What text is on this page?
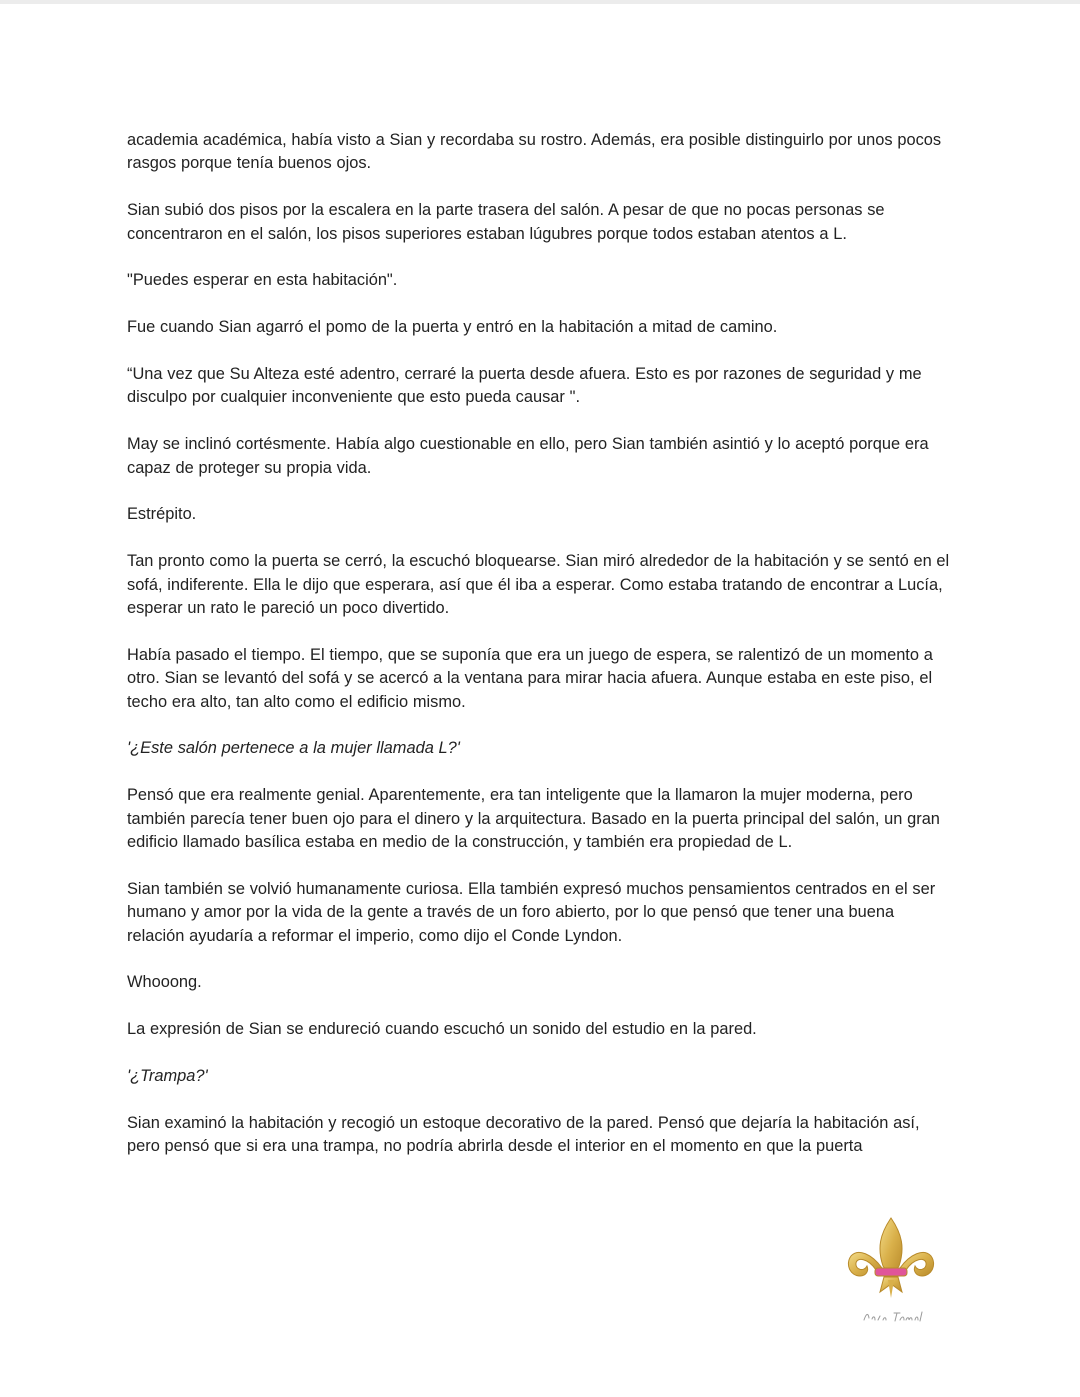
academia académica, había visto a Sian y recordaba su rostro. Además, era posible distinguirlo por unos pocos rasgos porque tenía buenos ojos.

Sian subió dos pisos por la escalera en la parte trasera del salón. A pesar de que no pocas personas se concentraron en el salón, los pisos superiores estaban lúgubres porque todos estaban atentos a L.

"Puedes esperar en esta habitación".

Fue cuando Sian agarró el pomo de la puerta y entró en la habitación a mitad de camino.

“Una vez que Su Alteza esté adentro, cerraré la puerta desde afuera. Esto es por razones de seguridad y me disculpo por cualquier inconveniente que esto pueda causar ".

May se inclinó cortésmente. Había algo cuestionable en ello, pero Sian también asintió y lo aceptó porque era capaz de proteger su propia vida.

Estrépito.

Tan pronto como la puerta se cerró, la escuchó bloquearse. Sian miró alrededor de la habitación y se sentó en el sofá, indiferente. Ella le dijo que esperara, así que él iba a esperar. Como estaba tratando de encontrar a Lucía, esperar un rato le pareció un poco divertido.

Había pasado el tiempo. El tiempo, que se suponía que era un juego de espera, se ralentizó de un momento a otro. Sian se levantó del sofá y se acercó a la ventana para mirar hacia afuera. Aunque estaba en este piso, el techo era alto, tan alto como el edificio mismo.

'¿Este salón pertenece a la mujer llamada L?'

Pensó que era realmente genial. Aparentemente, era tan inteligente que la llamaron la mujer moderna, pero también parecía tener buen ojo para el dinero y la arquitectura. Basado en la puerta principal del salón, un gran edificio llamado basílica estaba en medio de la construcción, y también era propiedad de L.

Sian también se volvió humanamente curiosa. Ella también expresó muchos pensamientos centrados en el ser humano y amor por la vida de la gente a través de un foro abierto, por lo que pensó que tener una buena relación ayudaría a reformar el imperio, como dijo el Conde Lyndon.

Whooong.

La expresión de Sian se endureció cuando escuchó un sonido del estudio en la pared.

'¿Trampa?'

Sian examinó la habitación y recogió un estoque decorativo de la pared. Pensó que dejaría la habitación así, pero pensó que si era una trampa, no podría abrirla desde el interior en el momento en que la puerta
